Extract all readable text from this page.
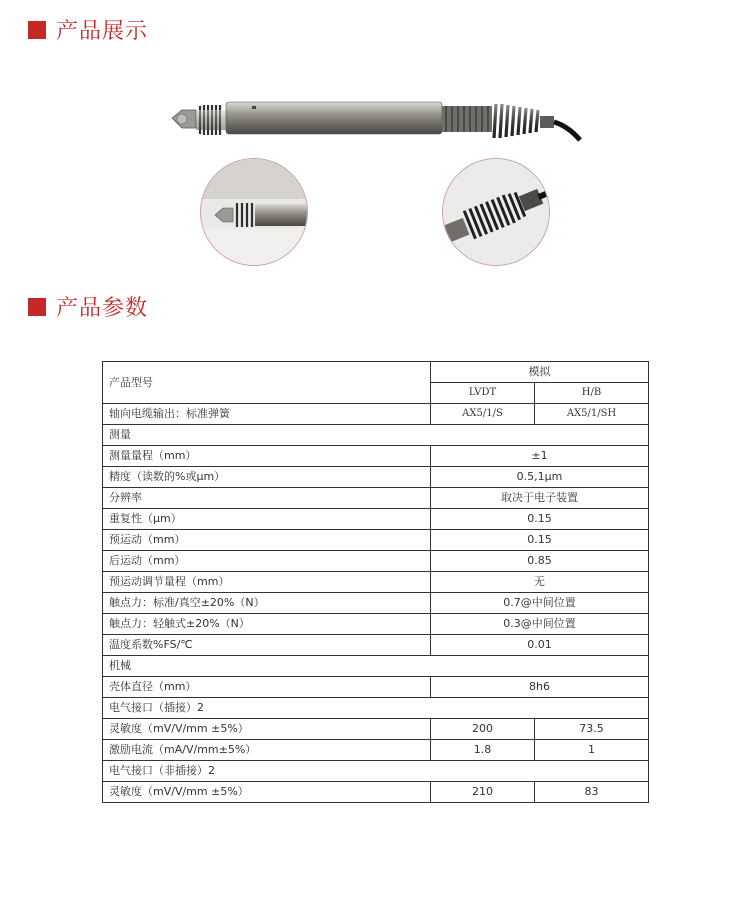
产品展示
产品参数
产品型号	模拟	
	LVDT	H/B
轴向电缆输出：标准弹簧	AX5/1/S	AX5/1/SH
测量		
测量量程（mm）	±1	
精度（读数的%或μm）	0.5,1μm	
分辨率	取决于电子装置	
重复性（μm）	0.15	
预运动（mm）	0.15	
后运动（mm）	0.85	
预运动调节量程（mm）	无	
触点力：标准/真空±20%（N）	0.7@中间位置	
触点力：轻触式±20%（N）	0.3@中间位置	
温度系数%FS/℃	0.01	
机械		
壳体直径（mm）	8h6	
电气接口（插接）2		
灵敏度（mV/V/mm ±5%）	200	73.5
激励电流（mA/V/mm±5%）	1.8	1
电气接口（非插接）2		
灵敏度（mV/V/mm ±5%）	210	83
